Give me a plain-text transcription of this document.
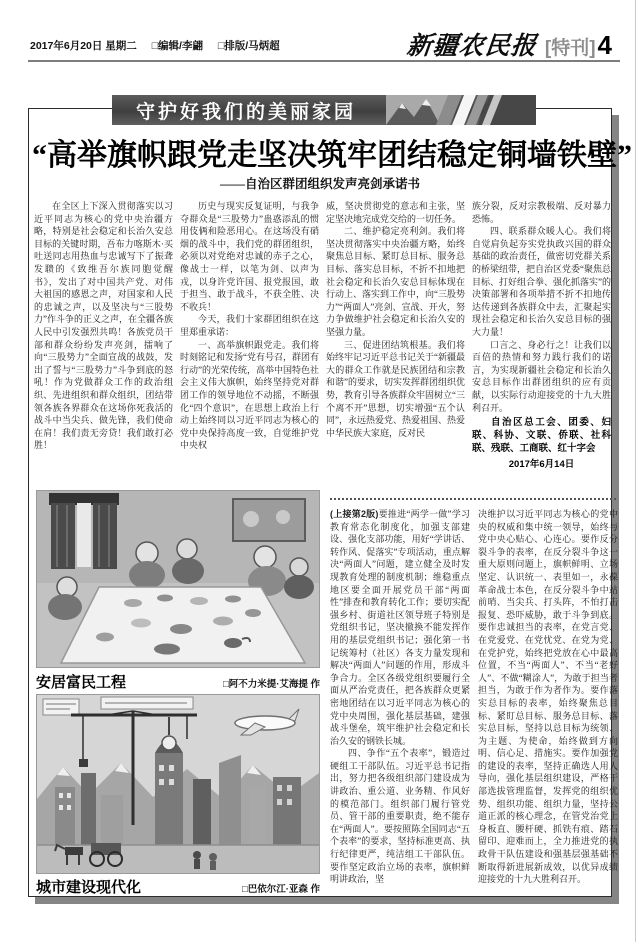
2017年6月20日 星期二 □编辑/李翩 □排版/马炳超	新疆农民报 [特刊] 4
守护好我们的美丽家园
“高举旗帜跟党走坚决筑牢团结稳定铜墙铁壁”
——自治区群团组织发声亮剑承诺书

在全区上下深入贯彻落实以习近平同志为核心的党中央治疆方略，特别是社会稳定和长治久安总目标的关键时期，吾布力喀斯木·买吐送同志用热血与忠诚写下了振聋发聩的《致维吾尔族同胞觉醒书》，发出了对中国共产党、对伟大祖国的感恩之声，对国家和人民的忠诚之声，以及坚决与“三股势力”作斗争的正义之声，在全疆各族人民中引发强烈共鸣！各族党员干部和群众纷纷发声亮剑，擂响了向“三股势力”全面宣战的战鼓，发出了誓与“三股势力”斗争到底的怒吼！作为党做群众工作的政治组织、先进组织和群众组织，团结带领各族各界群众在这场你死我活的战斗中当尖兵、做先锋，我们使命在肩！我们责无旁贷！我们敢打必胜！

历史与现实反复证明，与我争夺群众是“三股势力”蛊惑添乱的惯用伎俩和险恶用心。在这场没有硝烟的战斗中，我们党的群团组织，必须以对党绝对忠诚的赤子之心，像战士一样，以笔为剑、以声为戎，以身许党许国、报党报国，敢于担当、敢于战斗，不获全胜、决不收兵！

今天，我们十家群团组织在这里郑重承诺：

一、高举旗帜跟党走。我们将时刻铭记和发扬“党有号召，群团有行动”的光荣传统，高举中国特色社会主义伟大旗帜，始终坚持党对群团工作的领导地位不动摇，不断强化“四个意识”，在思想上政治上行动上始终同以习近平同志为核心的党中央保持高度一致，自觉维护党中央权

威，坚决贯彻党的意志和主张，坚定坚决地完成党交给的一切任务。

二、维护稳定亮利剑。我们将坚决贯彻落实中央治疆方略，始终聚焦总目标、紧盯总目标、服务总目标、落实总目标，不折不扣地把社会稳定和长治久安总目标体现在行动上、落实到工作中，向“三股势力”“两面人”亮剑、宣战、开火，努力争做维护社会稳定和长治久安的坚强力量。

三、促进团结筑根基。我们将始终牢记习近平总书记关于“新疆最大的群众工作就是民族团结和宗教和谐”的要求，切实发挥群团组织优势，教育引导各族群众牢固树立“三个离不开”思想，切实增强“五个认同”，永远热爱党、热爱祖国、热爱中华民族大家庭，反对民

族分裂，反对宗教极端、反对暴力恐怖。

四、联系群众暖人心。我们将自觉肩负起夯实党执政兴国的群众基础的政治责任，做密切党群关系的桥梁纽带，把自治区党委“聚焦总目标、打好组合拳、强化抓落实”的决策部署和各项举措不折不扣地传达传递到各族群众中去，汇聚起实现社会稳定和长治久安总目标的强大力量！

口言之、身必行之！让我们以百倍的热情和努力践行我们的诺言，为实现新疆社会稳定和长治久安总目标作出群团组织的应有贡献，以实际行动迎接党的十九大胜利召开。

自治区总工会、团委、妇联、科协、文联、侨联、社科联、残联、工商联、红十字会

2017年6月14日

(上接第2版)要推进“两学一做”学习教育常态化制度化，加强支部建设、强化支部功能，用好“学讲话、转作风、促落实”专项活动，重点解决“两面人”问题，建立健全及时发现教育处理的制度机制；维稳重点地区要全面开展党员干部“两面性”排查和教育转化工作；要切实配强乡村、街道社区领导班子特别是党组织书记，坚决撤换不能发挥作用的基层党组织书记；强化第一书记统筹村（社区）各支力量发现和解决“两面人”问题的作用，形成斗争合力。全区各级党组织要履行全面从严治党责任，把各族群众更紧密地团结在以习近平同志为核心的党中央周围，强化基层基础，建强战斗堡垒，筑牢维护社会稳定和长治久安的钢铁长城。

四、争作“五个表率”，锻造过硬组工干部队伍。习近平总书记指出，努力把各级组织部门建设成为讲政治、重公道、业务精、作风好的模范部门。组织部门履行管党员、管干部的重要职责，绝不能存在“两面人”。要按照陈全国同志“五个表率”的要求，坚持标准更高、执行纪律更严，纯洁组工干部队伍。要作坚定政治立场的表率，旗帜鲜明讲政治，坚

决维护以习近平同志为核心的党中央的权威和集中统一领导，始终与党中央心贴心、心连心。要作反分裂斗争的表率，在反分裂斗争这一重大原则问题上，旗帜鲜明、立场坚定、认识统一、表里如一，永葆革命战士本色，在反分裂斗争中站前哨、当尖兵、打头阵，不怕打击报复、恐吓威胁，敢于斗争到底。要作忠诚担当的表率，在党言党、在党爱党、在党忧党、在党为党、在党护党，始终把党放在心中最高位置，不当“两面人”、不当“老好人”、不做“糊涂人”，为敢于担当者担当，为敢于作为者作为。要作落实总目标的表率，始终聚焦总目标、紧盯总目标、服务总目标、落实总目标，坚持以总目标为统领、为主题、为使命，始终做到方向明、信心足、措施实。要作加强党的建设的表率，坚持正确选人用人导向，强化基层组织建设，严格干部选拔管理监督，发挥党的组织优势、组织功能、组织力量，坚持公道正派的核心理念，在管党治党上身板直、腰杆硬、抓铁有痕、踏石留印、迎难而上，全力推进党的执政骨干队伍建设和强基层强基础不断取得新进展新成效，以优异成绩迎接党的十九大胜利召开。

安居富民工程	□阿不力米提·艾海提 作
城市建设现代化	□巴依尔江·亚森 作
